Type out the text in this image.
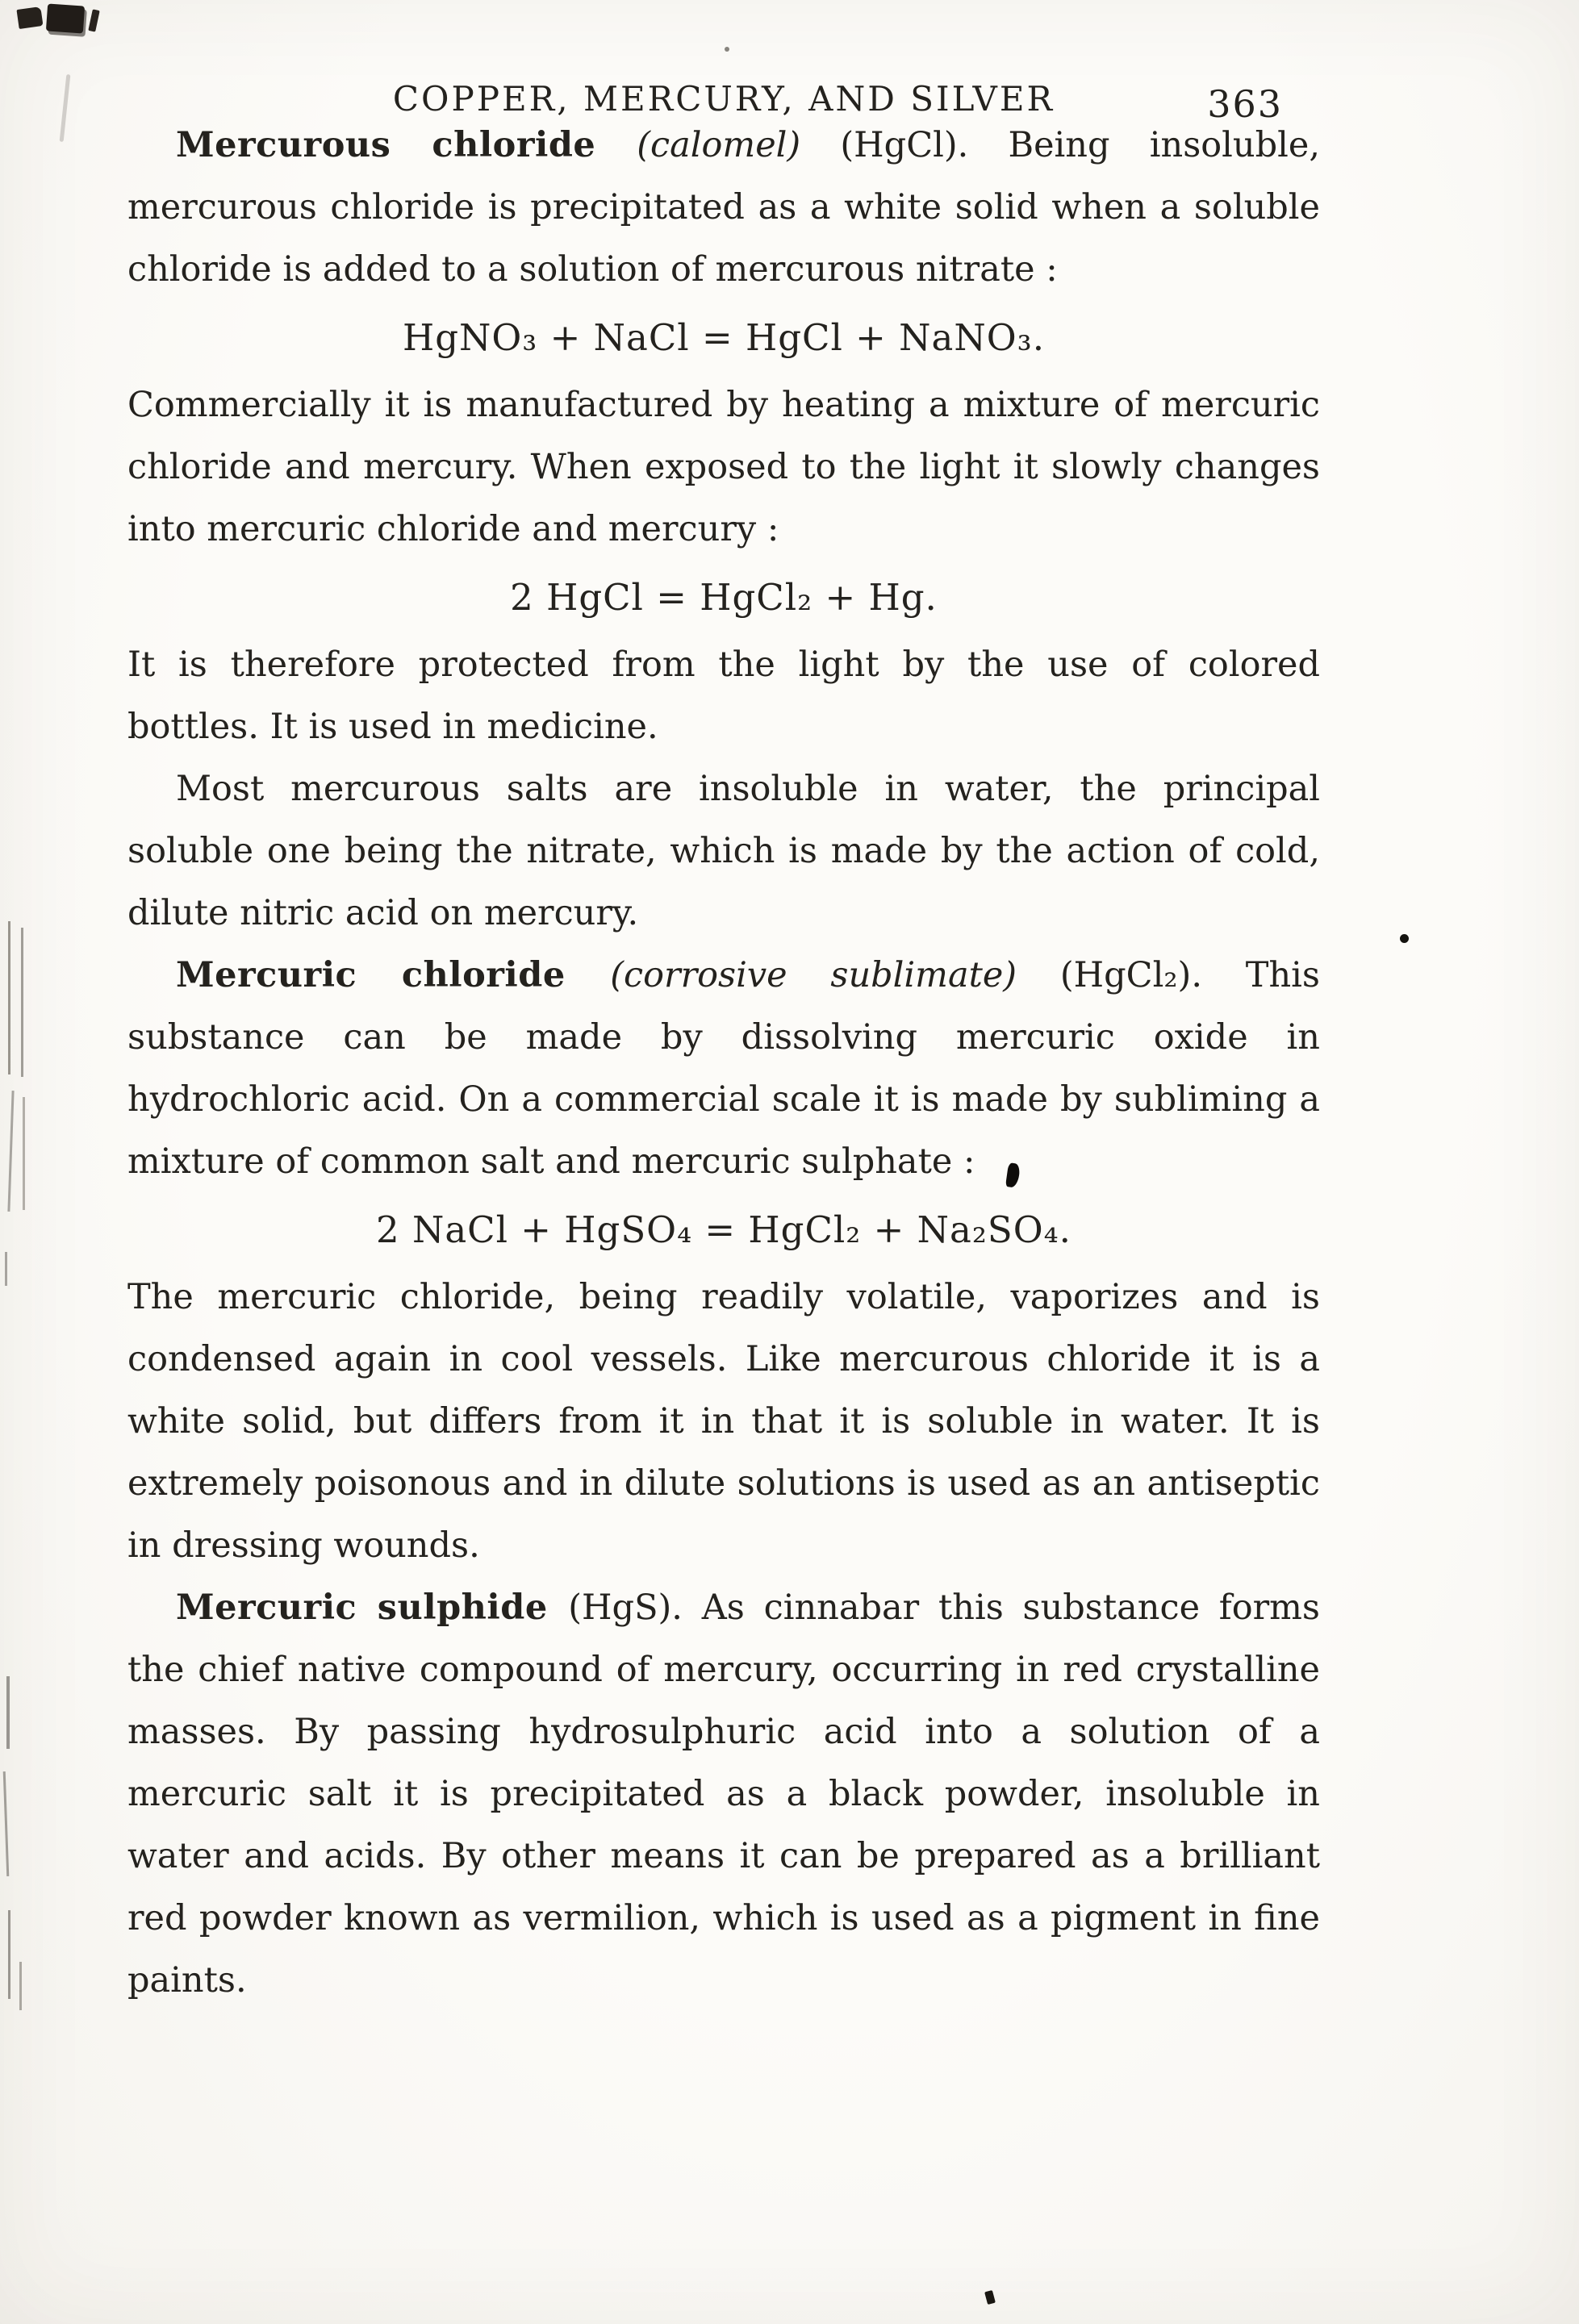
COPPER, MERCURY, AND SILVER	363

Mercurous chloride (calomel) (HgCl). Being insoluble, mercurous chloride is precipitated as a white solid when a soluble chloride is added to a solution of mercurous nitrate :

HgNO₃ + NaCl = HgCl + NaNO₃.

Commercially it is manufactured by heating a mixture of mercuric chloride and mercury. When exposed to the light it slowly changes into mercuric chloride and mercury :

2 HgCl = HgCl₂ + Hg.

It is therefore protected from the light by the use of colored bottles. It is used in medicine.

Most mercurous salts are insoluble in water, the principal soluble one being the nitrate, which is made by the action of cold, dilute nitric acid on mercury.

Mercuric chloride (corrosive sublimate) (HgCl₂). This substance can be made by dissolving mercuric oxide in hydrochloric acid. On a commercial scale it is made by subliming a mixture of common salt and mercuric sulphate :

2 NaCl + HgSO₄ = HgCl₂ + Na₂SO₄.

The mercuric chloride, being readily volatile, vaporizes and is condensed again in cool vessels. Like mercurous chloride it is a white solid, but differs from it in that it is soluble in water. It is extremely poisonous and in dilute solutions is used as an antiseptic in dressing wounds.

Mercuric sulphide (HgS). As cinnabar this substance forms the chief native compound of mercury, occurring in red crystalline masses. By passing hydrosulphuric acid into a solution of a mercuric salt it is precipitated as a black powder, insoluble in water and acids. By other means it can be prepared as a brilliant red powder known as vermilion, which is used as a pigment in fine paints.
